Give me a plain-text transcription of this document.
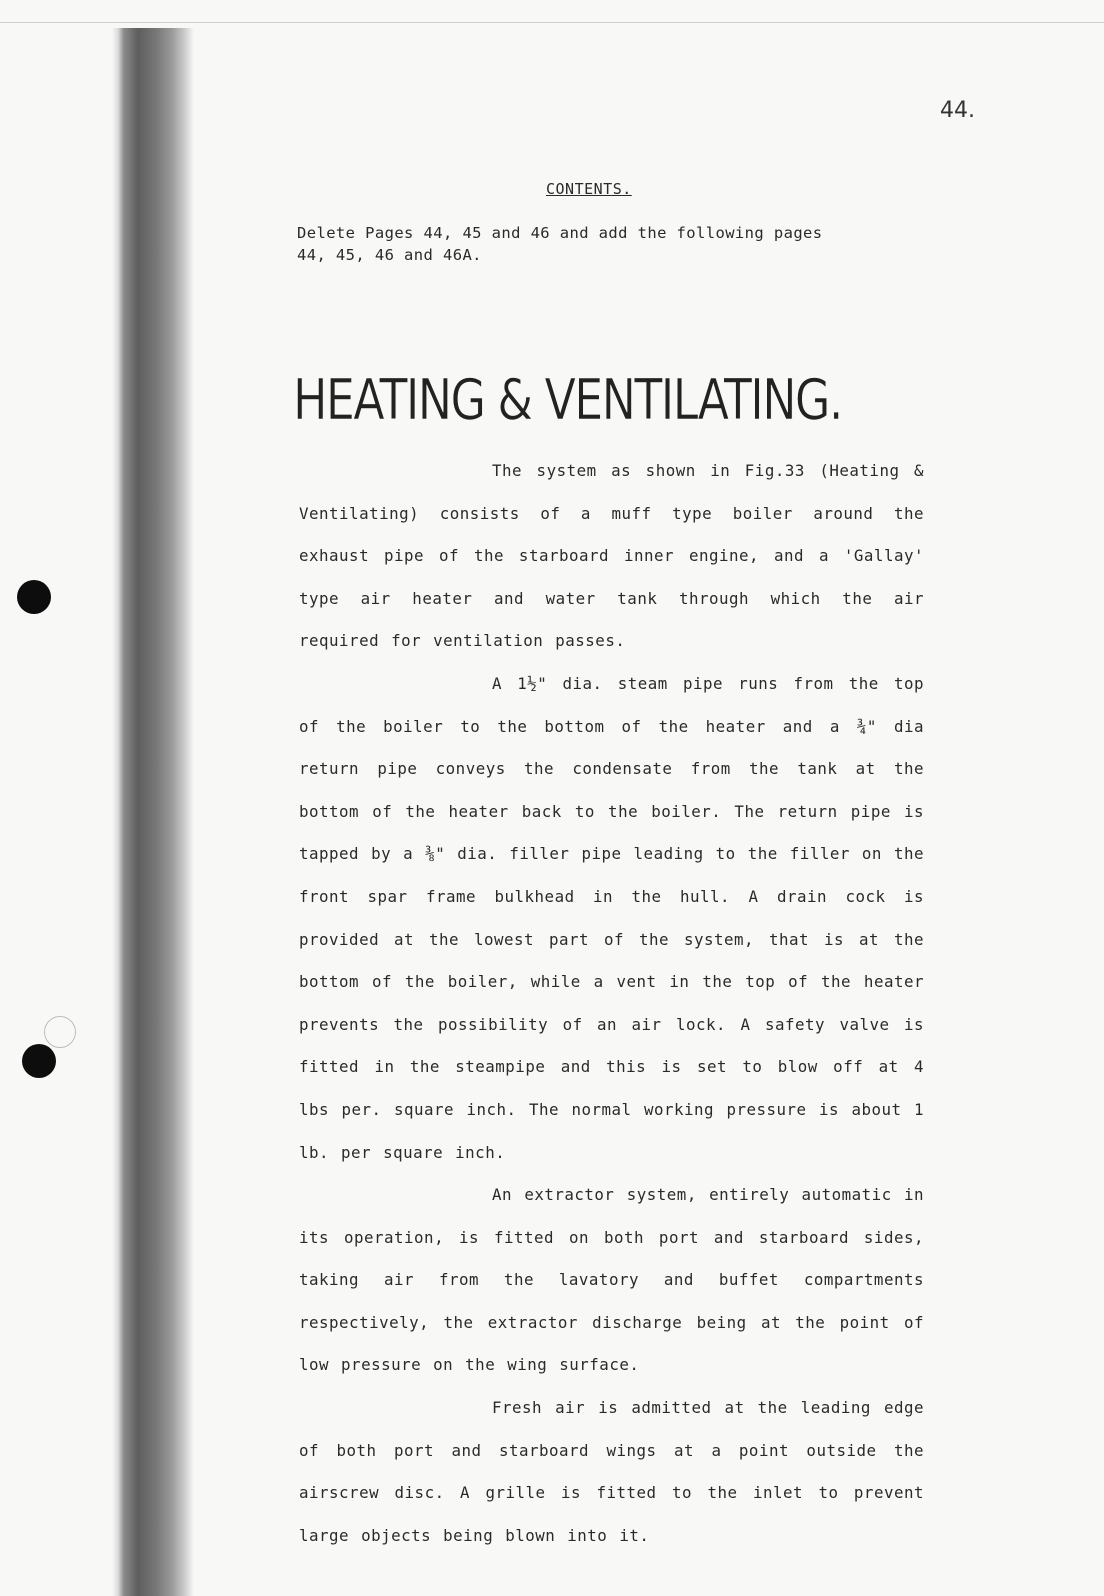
44.
CONTENTS.

Delete Pages 44, 45 and 46 and add the following pages
44, 45, 46 and 46A.

HEATING & VENTILATING.

The system as shown in Fig.33 (Heating & Ventilating) consists of a muff type boiler around the exhaust pipe of the starboard inner engine, and a 'Gallay' type air heater and water tank through which the air required for ventilation passes.

A 1½" dia. steam pipe runs from the top of the boiler to the bottom of the heater and a ¾" dia return pipe conveys the condensate from the tank at the bottom of the heater back to the boiler. The return pipe is tapped by a ⅜" dia. filler pipe leading to the filler on the front spar frame bulkhead in the hull. A drain cock is provided at the lowest part of the system, that is at the bottom of the boiler, while a vent in the top of the heater prevents the possibility of an air lock. A safety valve is fitted in the steampipe and this is set to blow off at 4 lbs per. square inch. The normal working pressure is about 1 lb. per square inch.

An extractor system, entirely automatic in its operation, is fitted on both port and starboard sides, taking air from the lavatory and buffet compartments respectively, the extractor discharge being at the point of low pressure on the wing surface.

Fresh air is admitted at the leading edge of both port and starboard wings at a point outside the airscrew disc. A grille is fitted to the inlet to prevent large objects being blown into it.
